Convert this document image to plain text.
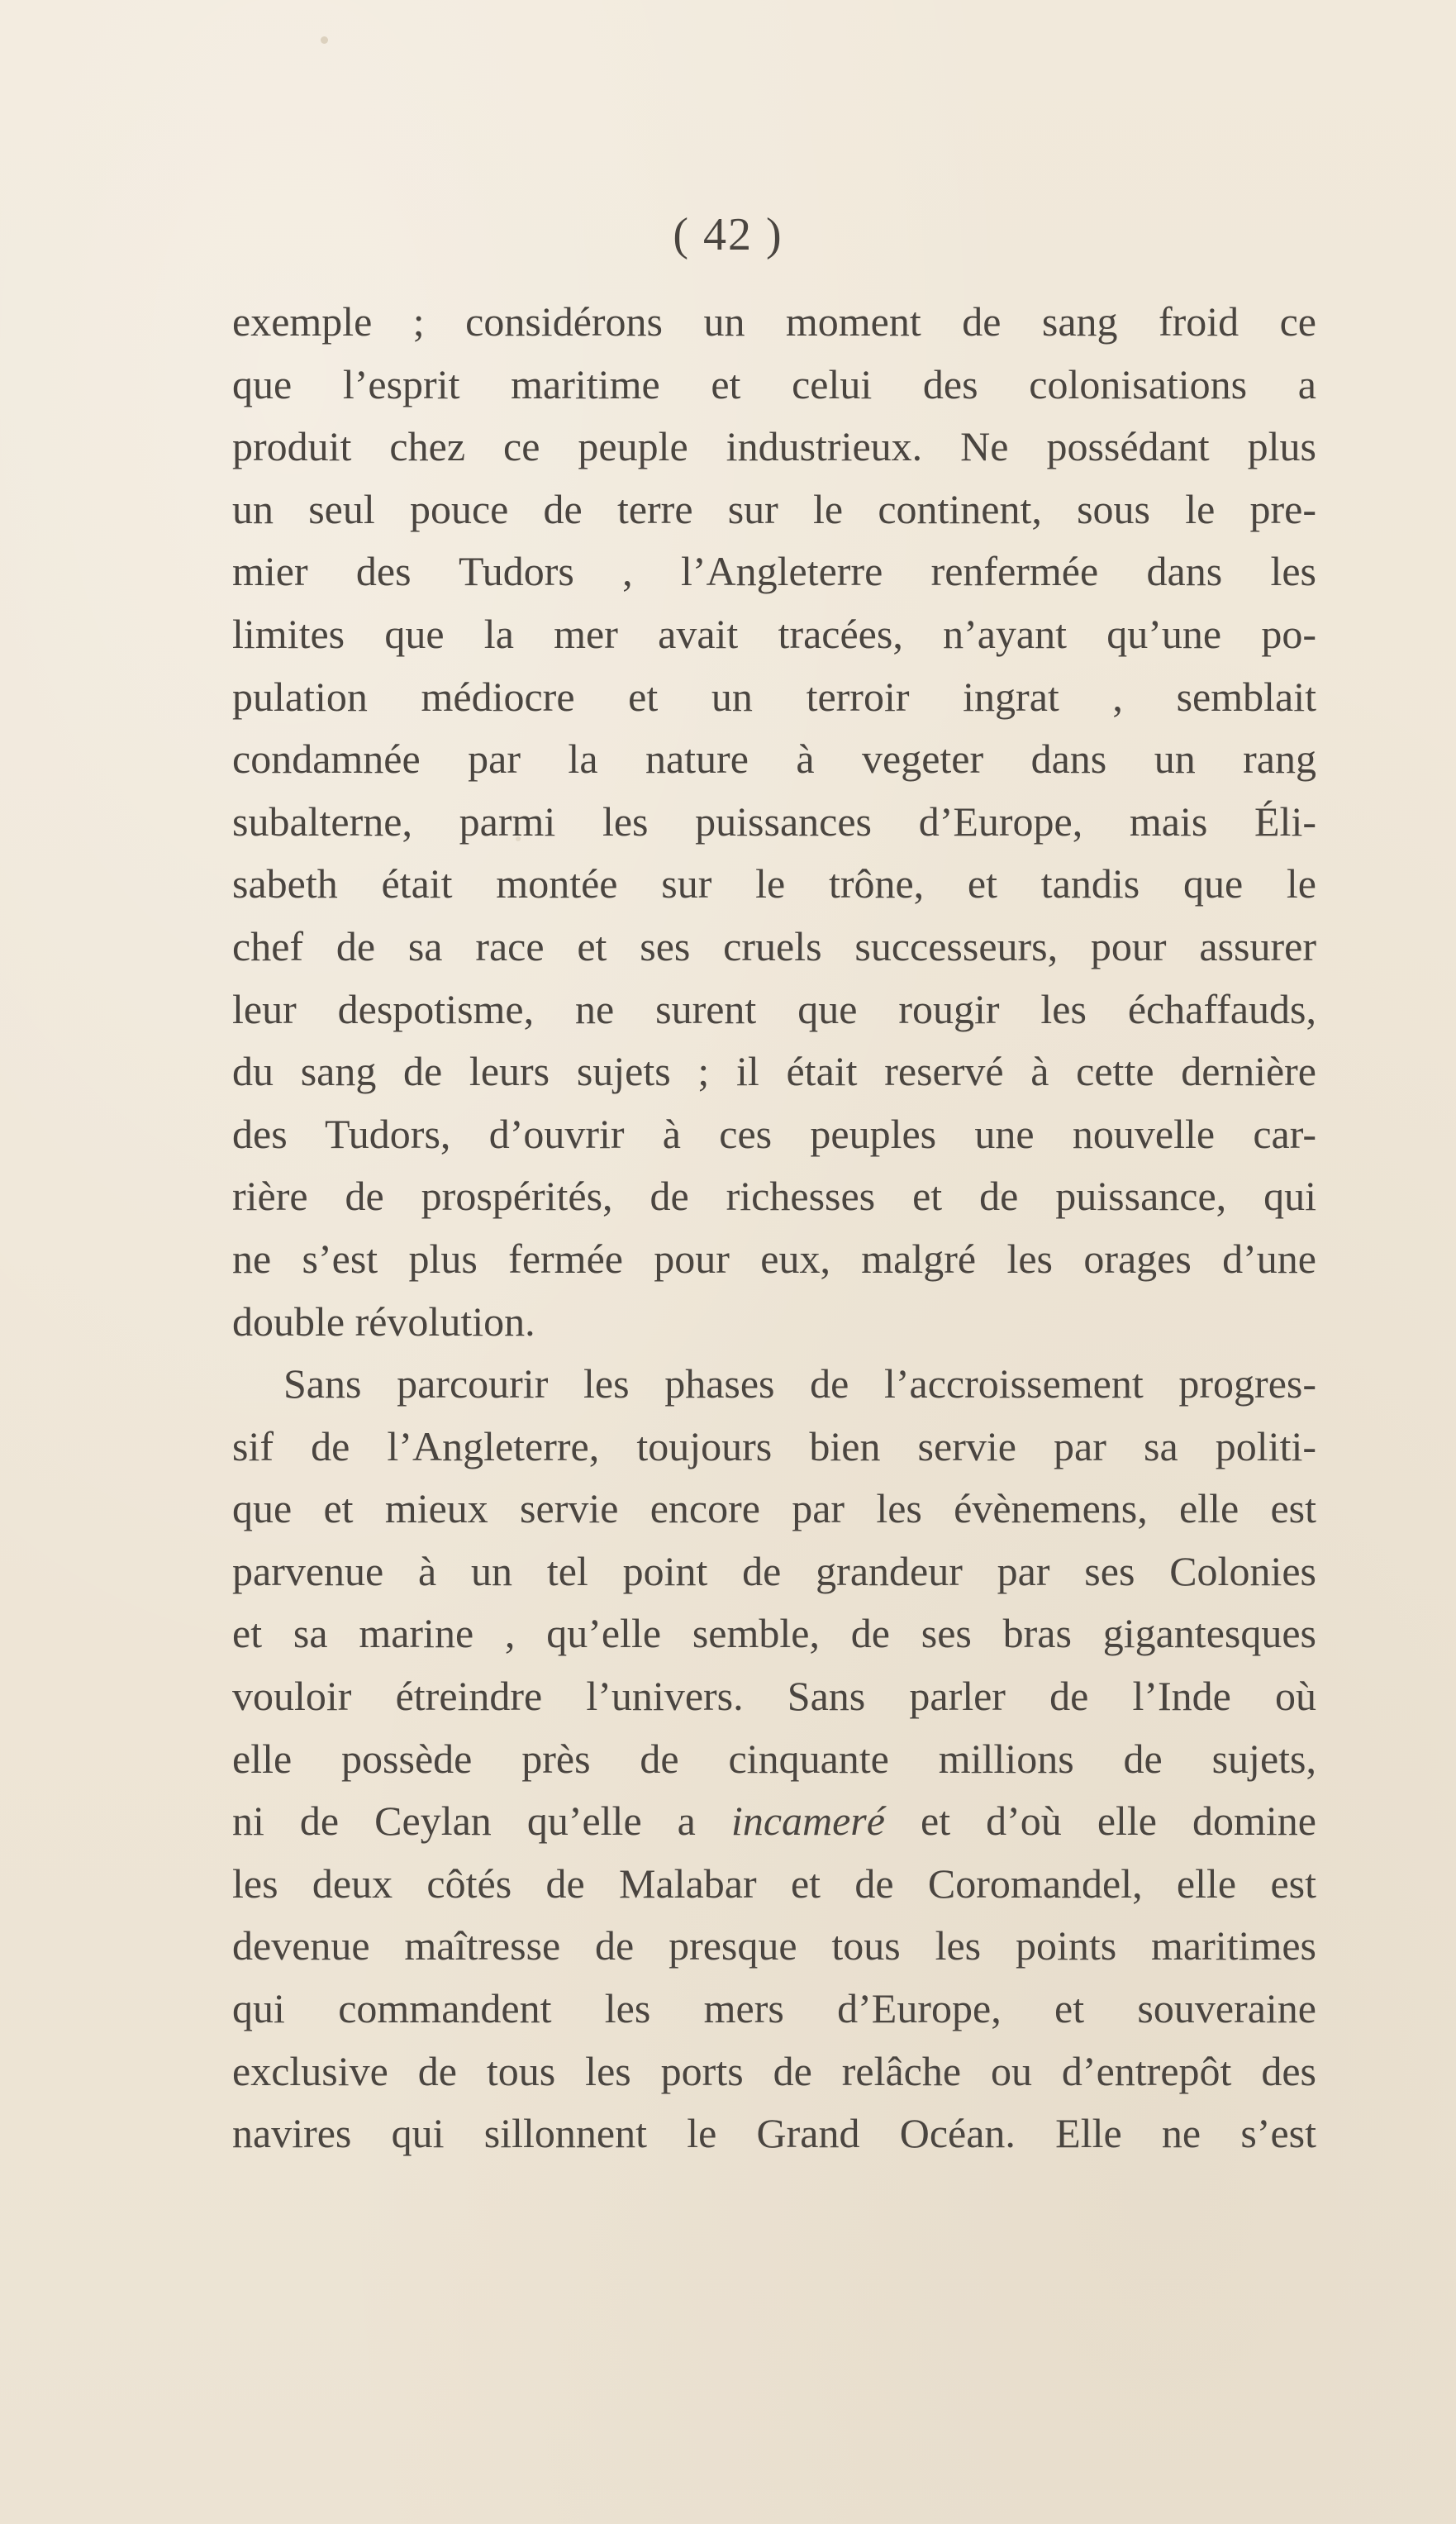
( 42 )
exemple ; considérons un moment de sang froid ce
que l’esprit maritime et celui des colonisations a
produit chez ce peuple industrieux. Ne possédant plus
un seul pouce de terre sur le continent, sous le pre-
mier des Tudors , l’Angleterre renfermée dans les
limites que la mer avait tracées, n’ayant qu’une po-
pulation médiocre et un terroir ingrat , semblait
condamnée par la nature à vegeter dans un rang
subalterne, parmi les puissances d’Europe, mais Éli-
sabeth était montée sur le trône, et tandis que le
chef de sa race et ses cruels successeurs, pour assurer
leur despotisme, ne surent que rougir les échaffauds,
du sang de leurs sujets ; il était reservé à cette dernière
des Tudors, d’ouvrir à ces peuples une nouvelle car-
rière de prospérités, de richesses et de puissance, qui
ne s’est plus fermée pour eux, malgré les orages d’une
double révolution.
Sans parcourir les phases de l’accroissement progres-
sif de l’Angleterre, toujours bien servie par sa politi-
que et mieux servie encore par les évènemens, elle est
parvenue à un tel point de grandeur par ses Colonies
et sa marine , qu’elle semble, de ses bras gigantesques
vouloir étreindre l’univers. Sans parler de l’Inde où
elle possède près de cinquante millions de sujets,
ni de Ceylan qu’elle a incameré et d’où elle domine
les deux côtés de Malabar et de Coromandel, elle est
devenue maîtresse de presque tous les points maritimes
qui commandent les mers d’Europe, et souveraine
exclusive de tous les ports de relâche ou d’entrepôt des
navires qui sillonnent le Grand Océan. Elle ne s’est
